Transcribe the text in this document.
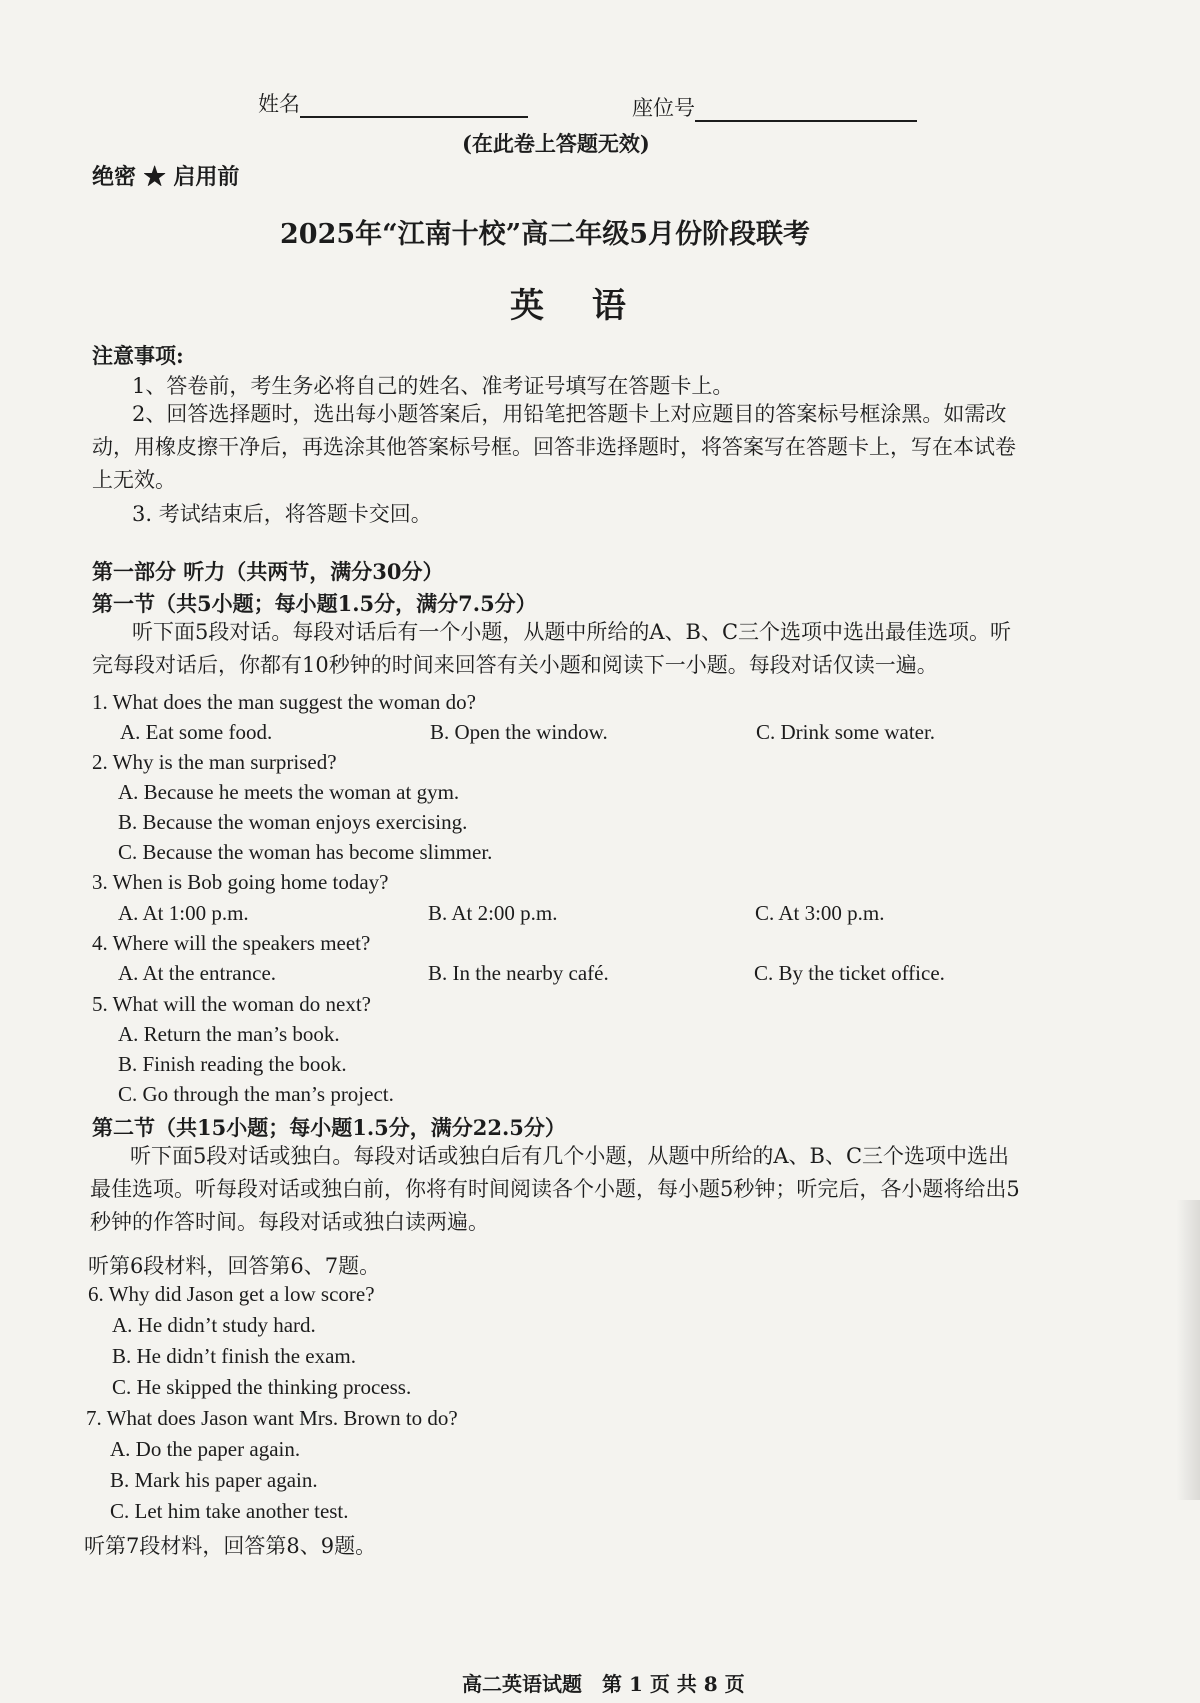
姓名	座位号
(在此卷上答题无效)
绝密 ★ 启用前
2025年“江南十校”高二年级5月份阶段联考
英 语
注意事项:
1、答卷前，考生务必将自己的姓名、准考证号填写在答题卡上。
2、回答选择题时，选出每小题答案后，用铅笔把答题卡上对应题目的答案标号框涂黑。如需改动，用橡皮擦干净后，再选涂其他答案标号框。回答非选择题时，将答案写在答题卡上，写在本试卷上无效。
3. 考试结束后，将答题卡交回。
第一部分 听力（共两节，满分30分）
第一节（共5小题；每小题1.5分，满分7.5分）
听下面5段对话。每段对话后有一个小题，从题中所给的A、B、C三个选项中选出最佳选项。听完每段对话后，你都有10秒钟的时间来回答有关小题和阅读下一小题。每段对话仅读一遍。
1. What does the man suggest the woman do?
A. Eat some food.	B. Open the window.	C. Drink some water.
2. Why is the man surprised?
A. Because he meets the woman at gym.
B. Because the woman enjoys exercising.
C. Because the woman has become slimmer.
3. When is Bob going home today?
A. At 1:00 p.m.	B. At 2:00 p.m.	C. At 3:00 p.m.
4. Where will the speakers meet?
A. At the entrance.	B. In the nearby café.	C. By the ticket office.
5. What will the woman do next?
A. Return the man’s book.
B. Finish reading the book.
C. Go through the man’s project.
第二节（共15小题；每小题1.5分，满分22.5分）
听下面5段对话或独白。每段对话或独白后有几个小题，从题中所给的A、B、C三个选项中选出最佳选项。听每段对话或独白前，你将有时间阅读各个小题，每小题5秒钟；听完后，各小题将给出5秒钟的作答时间。每段对话或独白读两遍。
听第6段材料，回答第6、7题。
6. Why did Jason get a low score?
A. He didn’t study hard.
B. He didn’t finish the exam.
C. He skipped the thinking process.
7. What does Jason want Mrs. Brown to do?
A. Do the paper again.
B. Mark his paper again.
C. Let him take another test.
听第7段材料，回答第8、9题。
高二英语试题　第 1 页 共 8 页
